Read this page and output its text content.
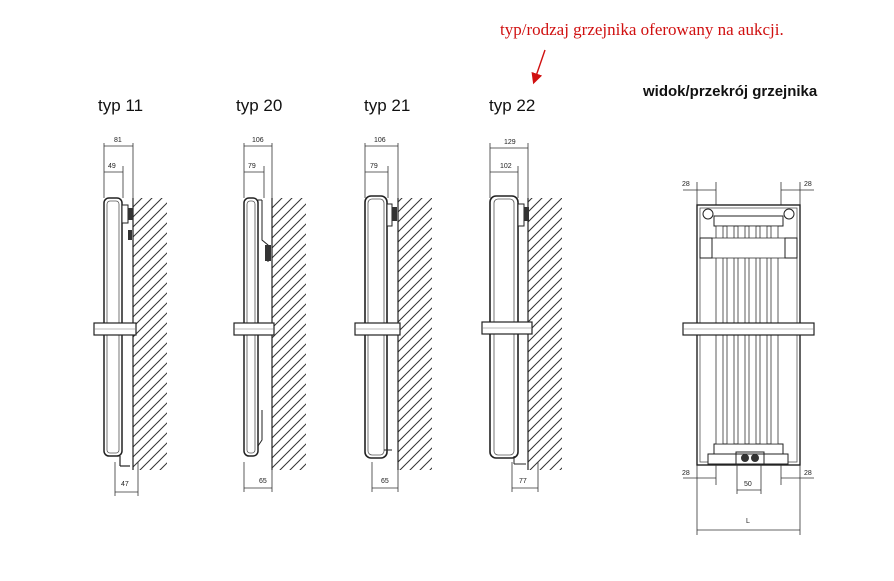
typ/rodzaj grzejnika oferowany na aukcji.
typ 11	typ 20	typ 21	typ 22
widok/przekrój grzejnika
81
49
47
106
79
65
106
79
65
129
102
77
28	28
28	28
50
L
